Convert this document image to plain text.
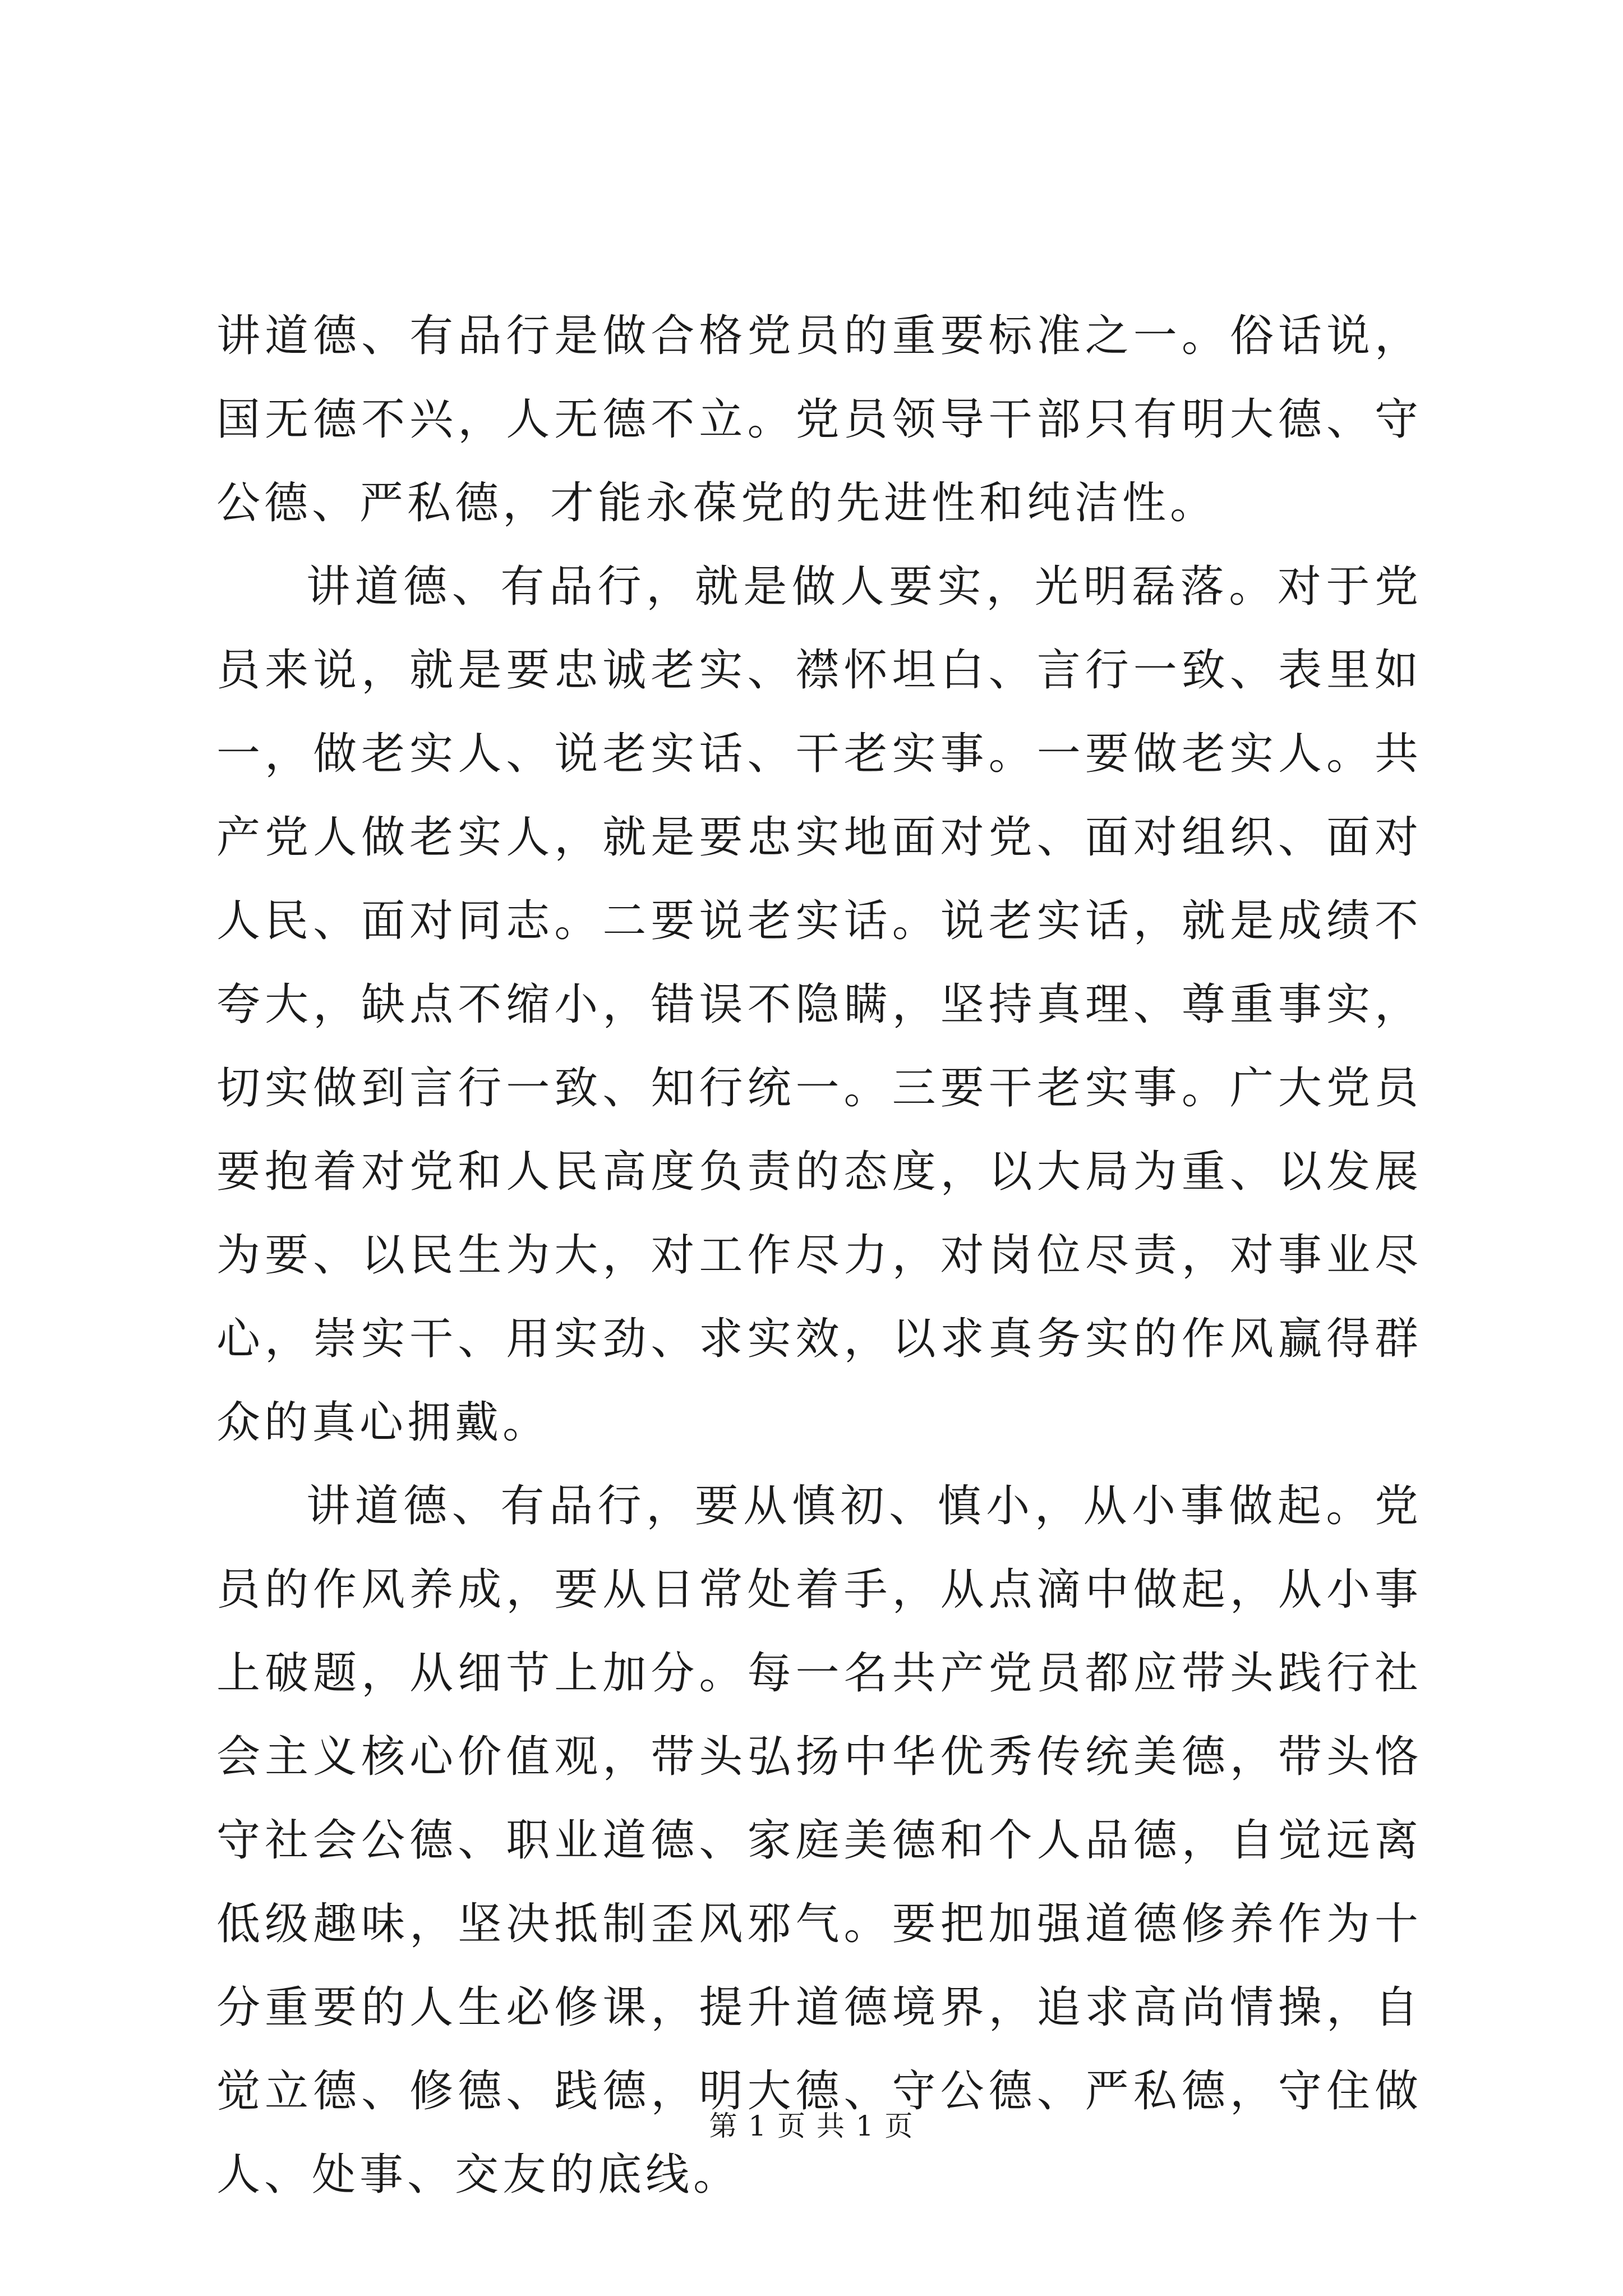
讲道德、有品行是做合格党员的重要标准之一。俗话说，国无德不兴，人无德不立。党员领导干部只有明大德、守公德、严私德，才能永葆党的先进性和纯洁性。

讲道德、有品行，就是做人要实，光明磊落。对于党员来说，就是要忠诚老实、襟怀坦白、言行一致、表里如一，做老实人、说老实话、干老实事。一要做老实人。共产党人做老实人，就是要忠实地面对党、面对组织、面对人民、面对同志。二要说老实话。说老实话，就是成绩不夸大，缺点不缩小，错误不隐瞒，坚持真理、尊重事实，切实做到言行一致、知行统一。三要干老实事。广大党员要抱着对党和人民高度负责的态度，以大局为重、以发展为要、以民生为大，对工作尽力，对岗位尽责，对事业尽心，崇实干、用实劲、求实效，以求真务实的作风赢得群众的真心拥戴。

讲道德、有品行，要从慎初、慎小，从小事做起。党员的作风养成，要从日常处着手，从点滴中做起，从小事上破题，从细节上加分。每一名共产党员都应带头践行社会主义核心价值观，带头弘扬中华优秀传统美德，带头恪守社会公德、职业道德、家庭美德和个人品德，自觉远离低级趣味，坚决抵制歪风邪气。要把加强道德修养作为十分重要的人生必修课，提升道德境界，追求高尚情操，自觉立德、修德、践德，明大德、守公德、严私德，守住做人、处事、交友的底线。

第 1 页 共 1 页
